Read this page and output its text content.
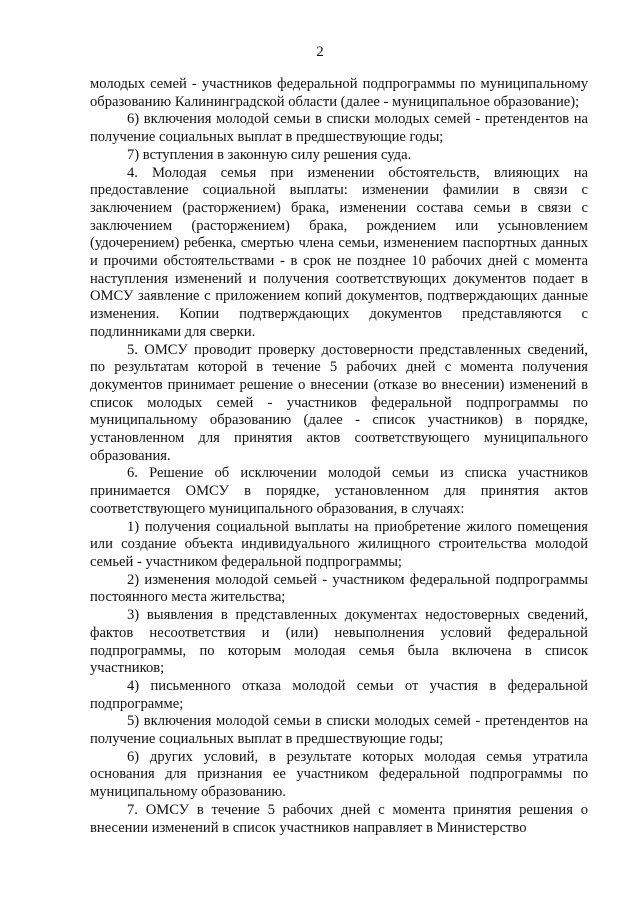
2

молодых семей - участников федеральной подпрограммы по муниципальному образованию Калининградской области (далее - муниципальное образование);

6) включения молодой семьи в списки молодых семей - претендентов на получение социальных выплат в предшествующие годы;

7) вступления в законную силу решения суда.

4. Молодая семья при изменении обстоятельств, влияющих на предоставление социальной выплаты: изменении фамилии в связи с заключением (расторжением) брака, изменении состава семьи в связи с заключением (расторжением) брака, рождением или усыновлением (удочерением) ребенка, смертью члена семьи, изменением паспортных данных и прочими обстоятельствами - в срок не позднее 10 рабочих дней с момента наступления изменений и получения соответствующих документов подает в ОМСУ заявление с приложением копий документов, подтверждающих данные изменения. Копии подтверждающих документов представляются с подлинниками для сверки.

5. ОМСУ проводит проверку достоверности представленных сведений, по результатам которой в течение 5 рабочих дней с момента получения документов принимает решение о внесении (отказе во внесении) изменений в список молодых семей - участников федеральной подпрограммы по муниципальному образованию (далее - список участников) в порядке, установленном для принятия актов соответствующего муниципального образования.

6. Решение об исключении молодой семьи из списка участников принимается ОМСУ в порядке, установленном для принятия актов соответствующего муниципального образования, в случаях:

1) получения социальной выплаты на приобретение жилого помещения или создание объекта индивидуального жилищного строительства молодой семьей - участником федеральной подпрограммы;

2) изменения молодой семьей - участником федеральной подпрограммы постоянного места жительства;

3) выявления в представленных документах недостоверных сведений, фактов несоответствия и (или) невыполнения условий федеральной подпрограммы, по которым молодая семья была включена в список участников;

4) письменного отказа молодой семьи от участия в федеральной подпрограмме;

5) включения молодой семьи в списки молодых семей - претендентов на получение социальных выплат в предшествующие годы;

6) других условий, в результате которых молодая семья утратила основания для признания ее участником федеральной подпрограммы по муниципальному образованию.

7. ОМСУ в течение 5 рабочих дней с момента принятия решения о внесении изменений в список участников направляет в Министерство
